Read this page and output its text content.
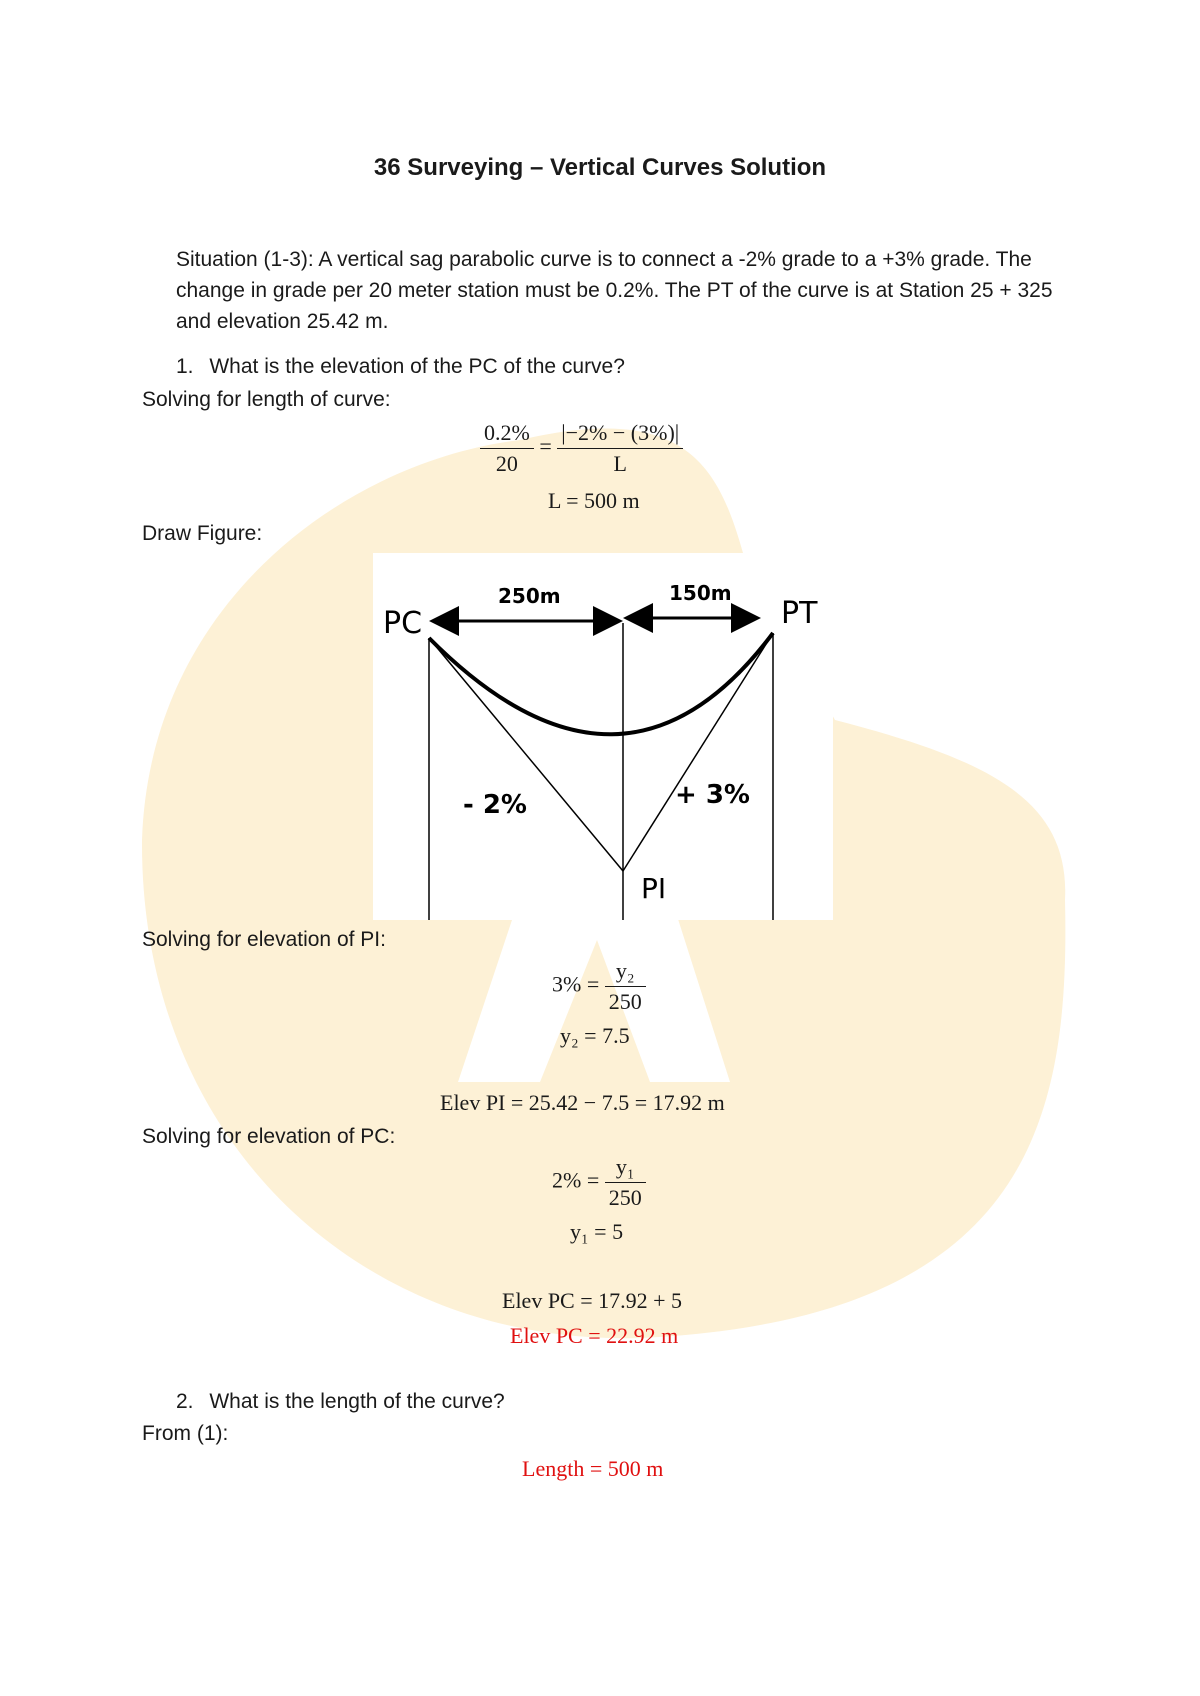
36 Surveying – Vertical Curves Solution
Situation (1-3): A vertical sag parabolic curve is to connect a -2% grade to a +3% grade. The change in grade per 20 meter station must be 0.2%. The PT of the curve is at Station 25 + 325 and elevation 25.42 m.
1. What is the elevation of the PC of the curve?
Solving for length of curve:
$\frac{0.2\%}{20} = \frac{|-2\% - (3\%)|}{L}$
L = 500 m
Draw Figure:
PC	PT
PI
250m	150m
- 2%	+ 3%
Solving for elevation of PI:
$3\% = \frac{\text{y₂}}{250}$
y₂ = 7.5
Elev PI = 25.42 − 7.5 = 17.92 m
Solving for elevation of PC:
$2\% = \frac{\text{y₁}}{250}$
y₁ = 5
Elev PC = 17.92 + 5
Elev PC = 22.92 m
2. What is the length of the curve?
From (1):
Length = 500 m
